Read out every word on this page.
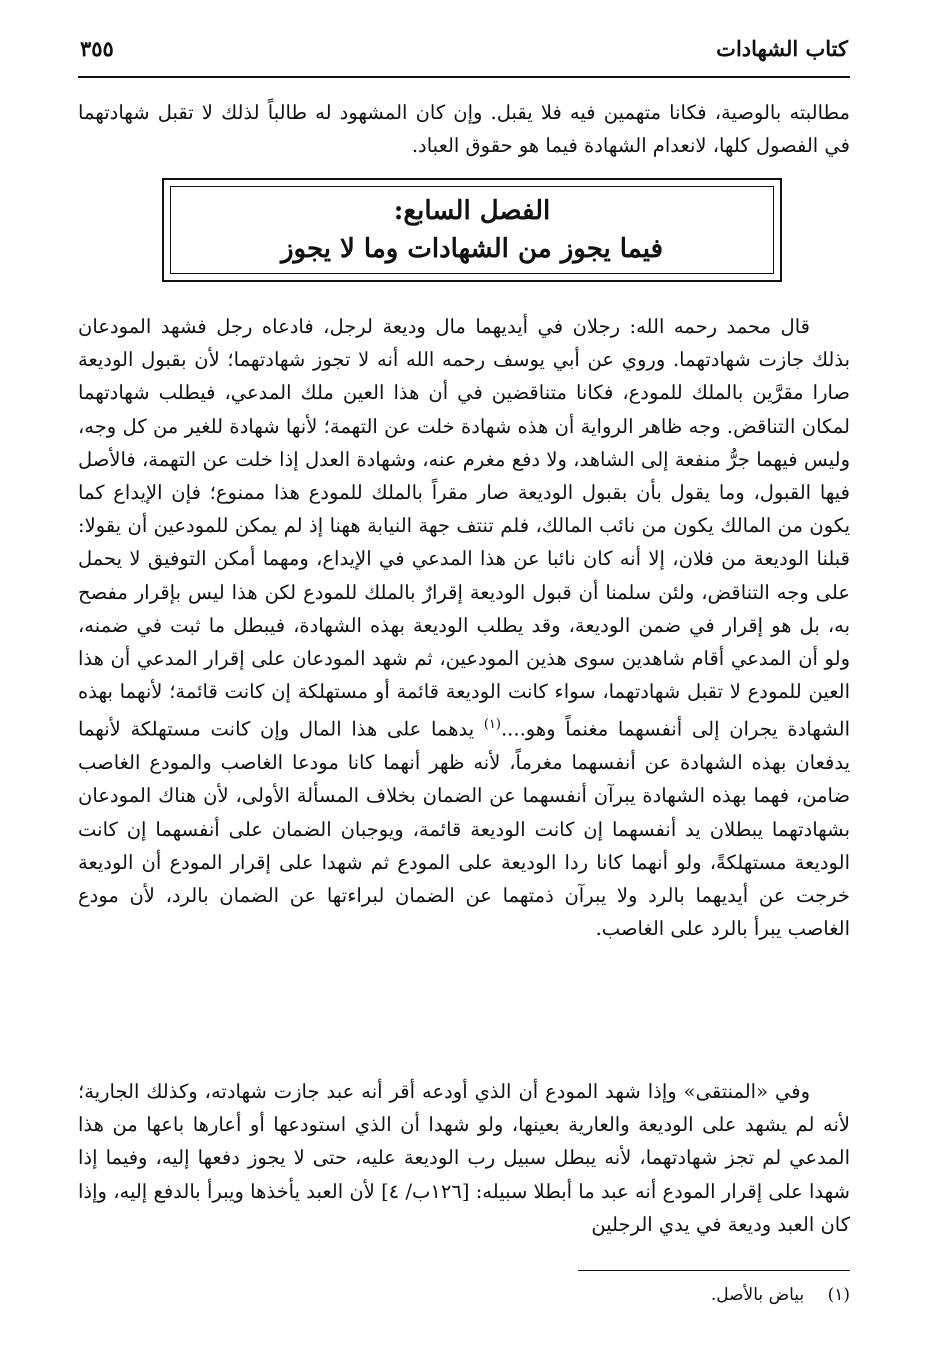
كتاب الشهادات
٣٥٥

مطالبته بالوصية، فكانا متهمين فيه فلا يقبل. وإن كان المشهود له طالباً لذلك لا تقبل شهادتهما في الفصول كلها، لانعدام الشهادة فيما هو حقوق العباد.

الفصل السابع:
فيما يجوز من الشهادات وما لا يجوز

قال محمد رحمه الله: رجلان في أيديهما مال وديعة لرجل، فادعاه رجل فشهد المودعان بذلك جازت شهادتهما. وروي عن أبي يوسف رحمه الله أنه لا تجوز شهادتهما؛ لأن بقبول الوديعة صارا مقرَّين بالملك للمودع، فكانا متناقضين في أن هذا العين ملك المدعي، فيطلب شهادتهما لمكان التناقض. وجه ظاهر الرواية أن هذه شهادة خلت عن التهمة؛ لأنها شهادة للغير من كل وجه، وليس فيهما جرُّ منفعة إلى الشاهد، ولا دفع مغرم عنه، وشهادة العدل إذا خلت عن التهمة، فالأصل فيها القبول، وما يقول بأن بقبول الوديعة صار مقراً بالملك للمودع هذا ممنوع؛ فإن الإيداع كما يكون من المالك يكون من نائب المالك، فلم تنتف جهة النيابة ههنا إذ لم يمكن للمودعين أن يقولا: قبلنا الوديعة من فلان، إلا أنه كان نائبا عن هذا المدعي في الإيداع، ومهما أمكن التوفيق لا يحمل على وجه التناقض، ولئن سلمنا أن قبول الوديعة إقرارٌ بالملك للمودع لكن هذا ليس بإقرار مفصح به، بل هو إقرار في ضمن الوديعة، وقد يطلب الوديعة بهذه الشهادة، فيبطل ما ثبت في ضمنه، ولو أن المدعي أقام شاهدين سوى هذين المودعين، ثم شهد المودعان على إقرار المدعي أن هذا العين للمودع لا تقبل شهادتهما، سواء كانت الوديعة قائمة أو مستهلكة إن كانت قائمة؛ لأنهما بهذه الشهادة يجران إلى أنفسهما مغنماً وهو....$^{(١)}$ يدهما على هذا المال وإن كانت مستهلكة لأنهما يدفعان بهذه الشهادة عن أنفسهما مغرماً، لأنه ظهر أنهما كانا مودعا الغاصب والمودع الغاصب ضامن، فهما بهذه الشهادة يبرآن أنفسهما عن الضمان بخلاف المسألة الأولى، لأن هناك المودعان بشهادتهما يبطلان يد أنفسهما إن كانت الوديعة قائمة، ويوجبان الضمان على أنفسهما إن كانت الوديعة مستهلكةً، ولو أنهما كانا ردا الوديعة على المودع ثم شهدا على إقرار المودع أن الوديعة خرجت عن أيديهما بالرد ولا يبرآن ذمتهما عن الضمان لبراءتها عن الضمان بالرد، لأن مودع الغاصب يبرأ بالرد على الغاصب.

وفي «المنتقى» وإذا شهد المودع أن الذي أودعه أقر أنه عبد جازت شهادته، وكذلك الجارية؛ لأنه لم يشهد على الوديعة والعارية بعينها، ولو شهدا أن الذي استودعها أو أعارها باعها من هذا المدعي لم تجز شهادتهما، لأنه يبطل سبيل رب الوديعة عليه، حتى لا يجوز دفعها إليه، وفيما إذا شهدا على إقرار المودع أنه عبد ما أبطلا سبيله: [١٢٦ب/ ٤] لأن العبد يأخذها ويبرأ بالدفع إليه، وإذا كان العبد وديعة في يدي الرجلين

(١) بياض بالأصل.
